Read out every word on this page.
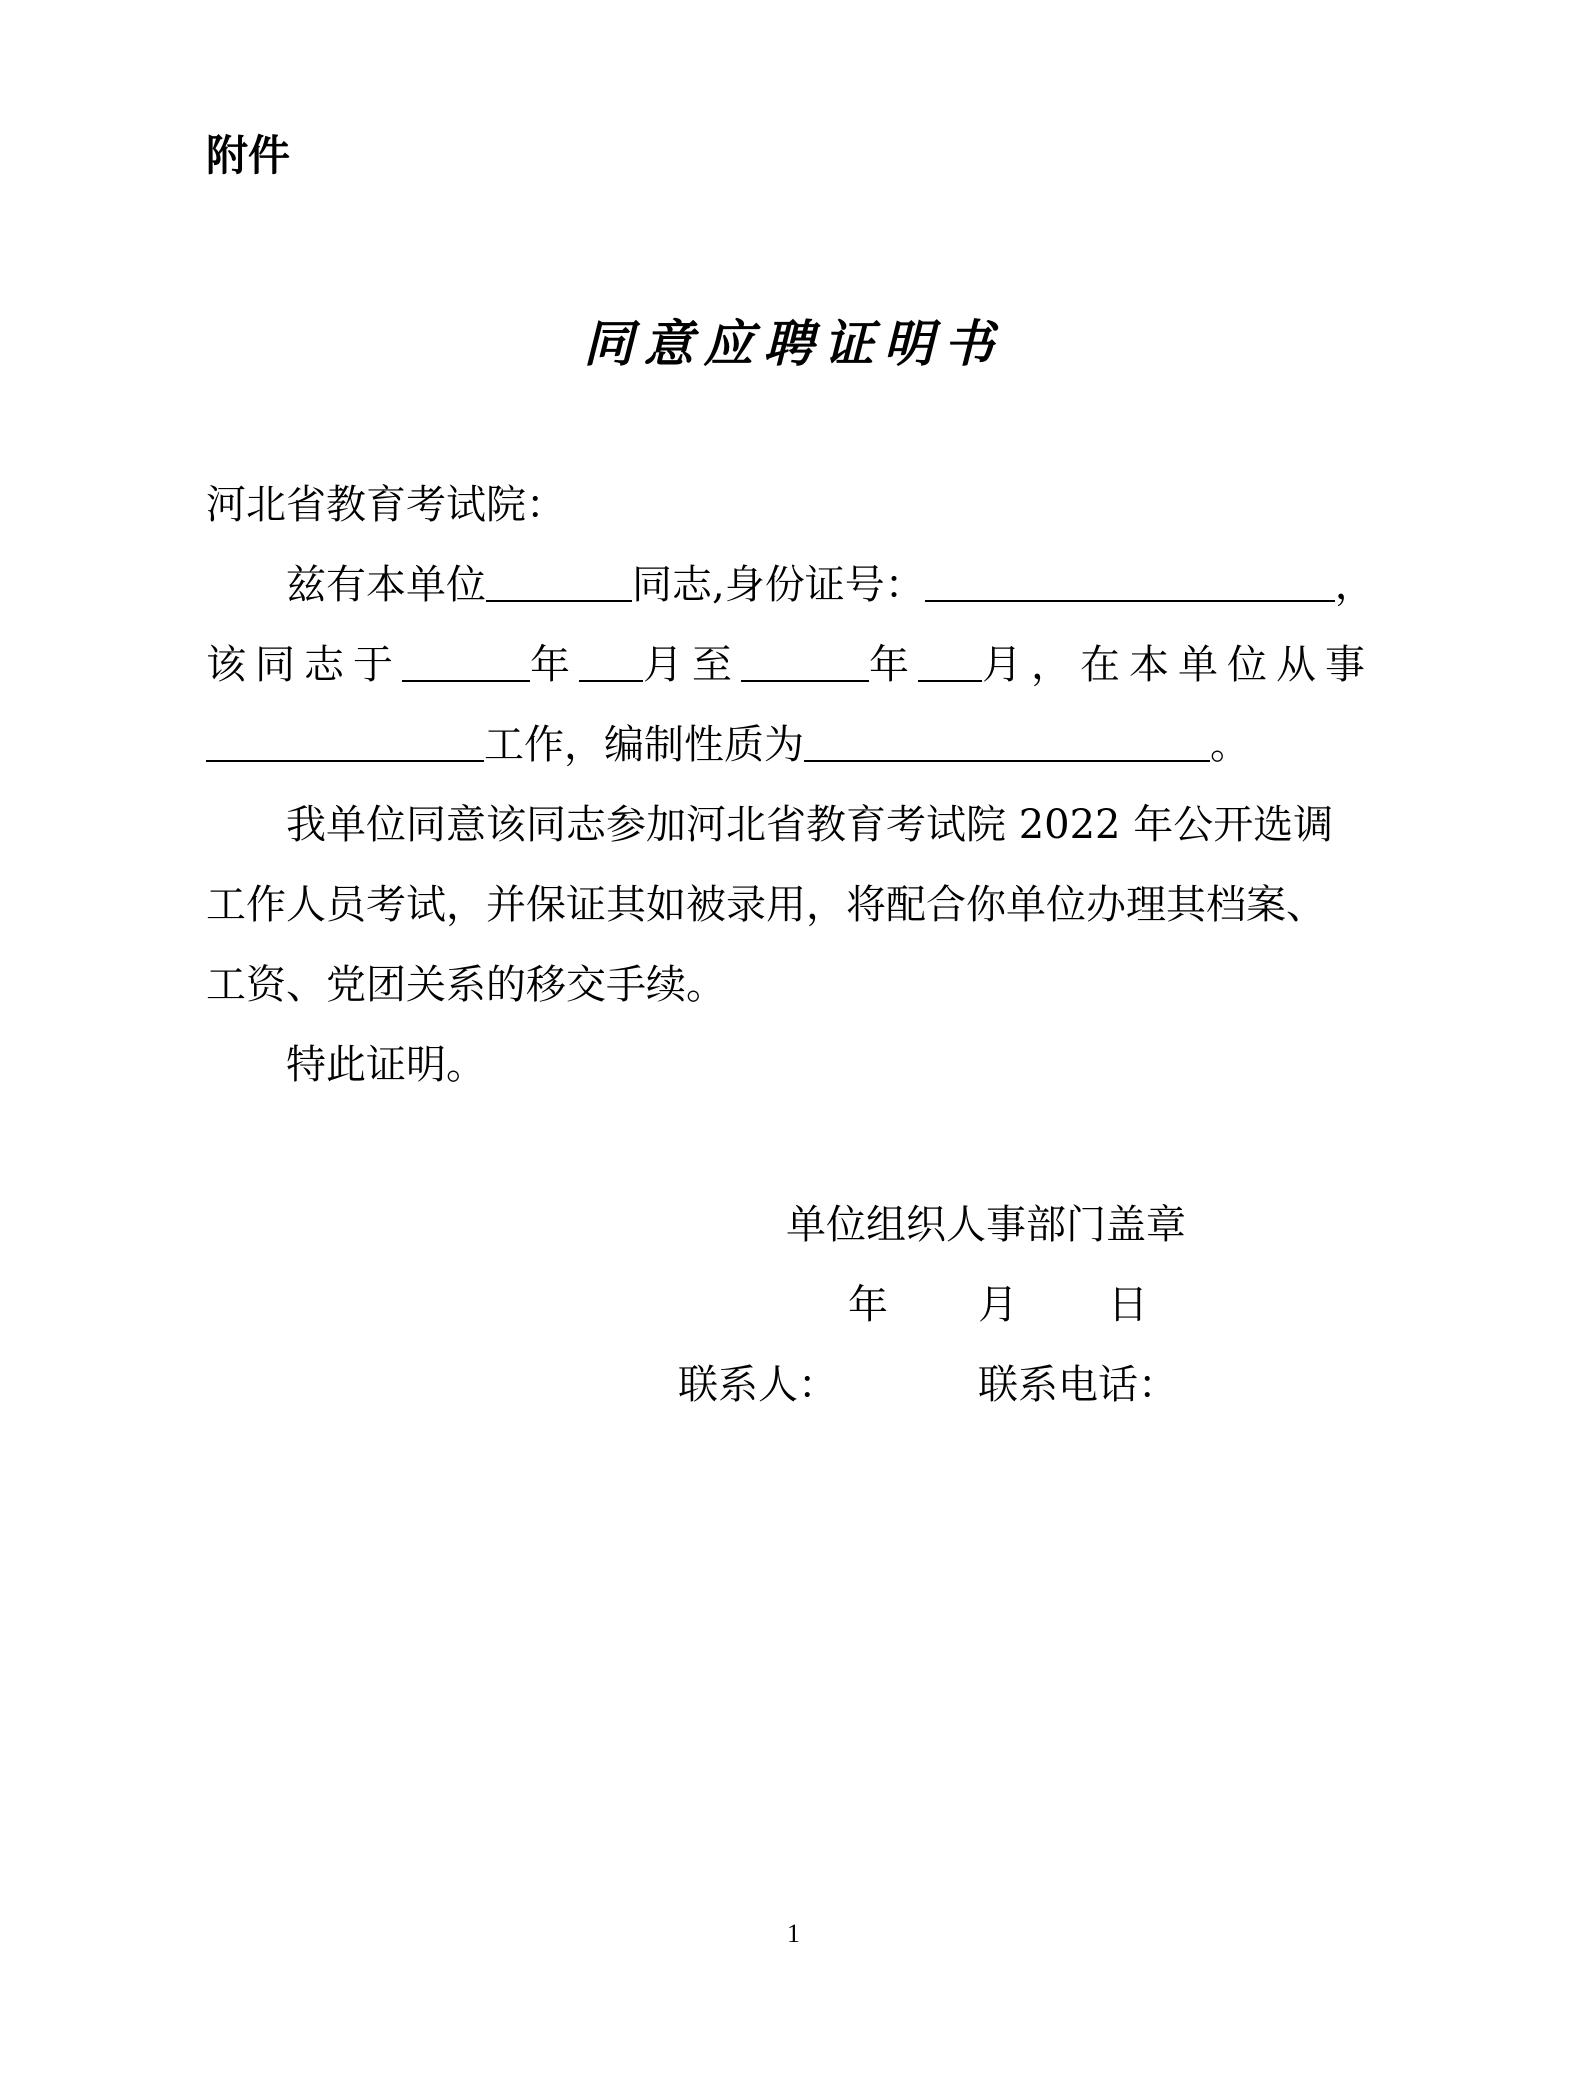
附件
同意应聘证明书
河北省教育考试院：
兹有本单位	同志,身份证号：	，
该同志于	年 月至	年 月，在本单位从事
工作，编制性质为	。
我单位同意该同志参加河北省教育考试院 2022 年公开选调
工作人员考试，并保证其如被录用，将配合你单位办理其档案、
工资、党团关系的移交手续。
特此证明。
单位组织人事部门盖章
年 月 日
联系人：	联系电话：
1
